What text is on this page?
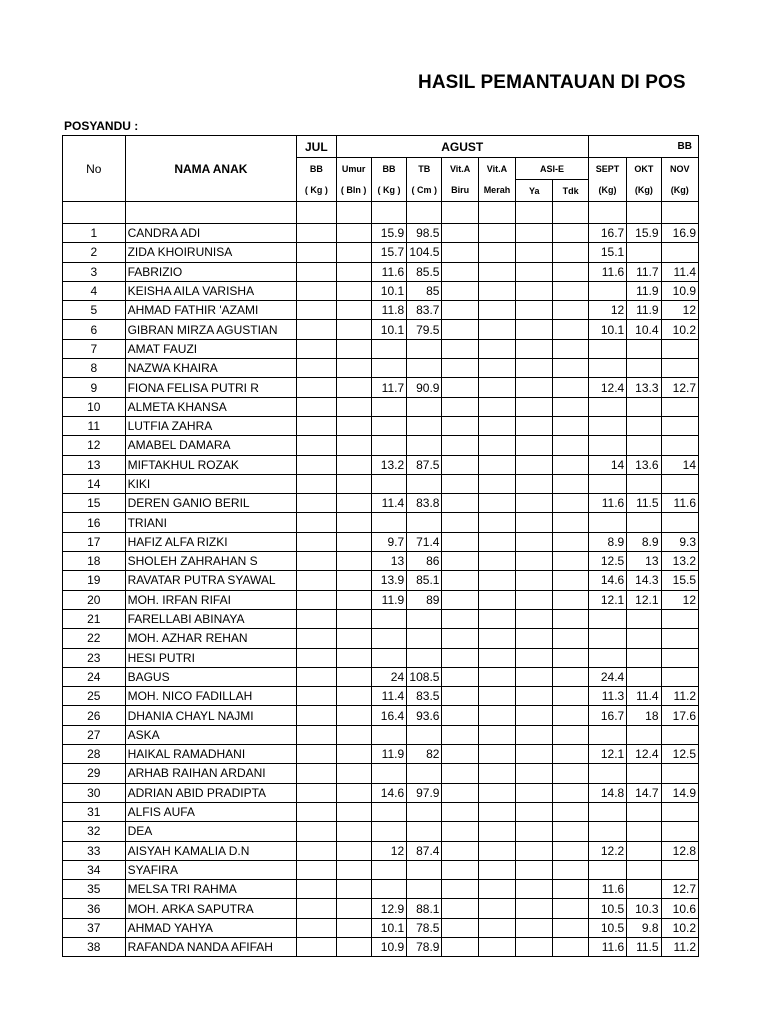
HASIL PEMANTAUAN DI POS
POSYANDU :
No	NAMA ANAK	JUL	AGUST							BB		
		BB	Umur	BB	TB	Vit.A	Vit.A	ASI-E		SEPT	OKT	NOV
		( Kg )	( Bln )	( Kg )	( Cm )	Biru	Merah	Ya	Tdk	(Kg)	(Kg)	(Kg)

1	CANDRA ADI			15.9	98.5					16.7	15.9	16.9
2	ZIDA KHOIRUNISA			15.7	104.5					15.1		
3	FABRIZIO			11.6	85.5					11.6	11.7	11.4
4	KEISHA AILA VARISHA			10.1	85						11.9	10.9
5	AHMAD FATHIR 'AZAMI			11.8	83.7					12	11.9	12
6	GIBRAN MIRZA AGUSTIAN			10.1	79.5					10.1	10.4	10.2
7	AMAT FAUZI											
8	NAZWA KHAIRA											
9	FIONA FELISA PUTRI R			11.7	90.9					12.4	13.3	12.7
10	ALMETA KHANSA											
11	LUTFIA ZAHRA											
12	AMABEL DAMARA											
13	MIFTAKHUL ROZAK			13.2	87.5					14	13.6	14
14	KIKI											
15	DEREN GANIO BERIL			11.4	83.8					11.6	11.5	11.6
16	TRIANI											
17	HAFIZ ALFA RIZKI			9.7	71.4					8.9	8.9	9.3
18	SHOLEH ZAHRAHAN S			13	86					12.5	13	13.2
19	RAVATAR PUTRA SYAWAL			13.9	85.1					14.6	14.3	15.5
20	MOH. IRFAN RIFAI			11.9	89					12.1	12.1	12
21	FARELLABI ABINAYA											
22	MOH. AZHAR REHAN											
23	HESI PUTRI											
24	BAGUS			24	108.5					24.4		
25	MOH. NICO FADILLAH			11.4	83.5					11.3	11.4	11.2
26	DHANIA CHAYL NAJMI			16.4	93.6					16.7	18	17.6
27	ASKA											
28	HAIKAL RAMADHANI			11.9	82					12.1	12.4	12.5
29	ARHAB RAIHAN ARDANI											
30	ADRIAN ABID PRADIPTA			14.6	97.9					14.8	14.7	14.9
31	ALFIS AUFA											
32	DEA											
33	AISYAH KAMALIA D.N			12	87.4					12.2		12.8
34	SYAFIRA											
35	MELSA TRI RAHMA									11.6		12.7
36	MOH. ARKA SAPUTRA			12.9	88.1					10.5	10.3	10.6
37	AHMAD YAHYA			10.1	78.5					10.5	9.8	10.2
38	RAFANDA NANDA AFIFAH			10.9	78.9					11.6	11.5	11.2
